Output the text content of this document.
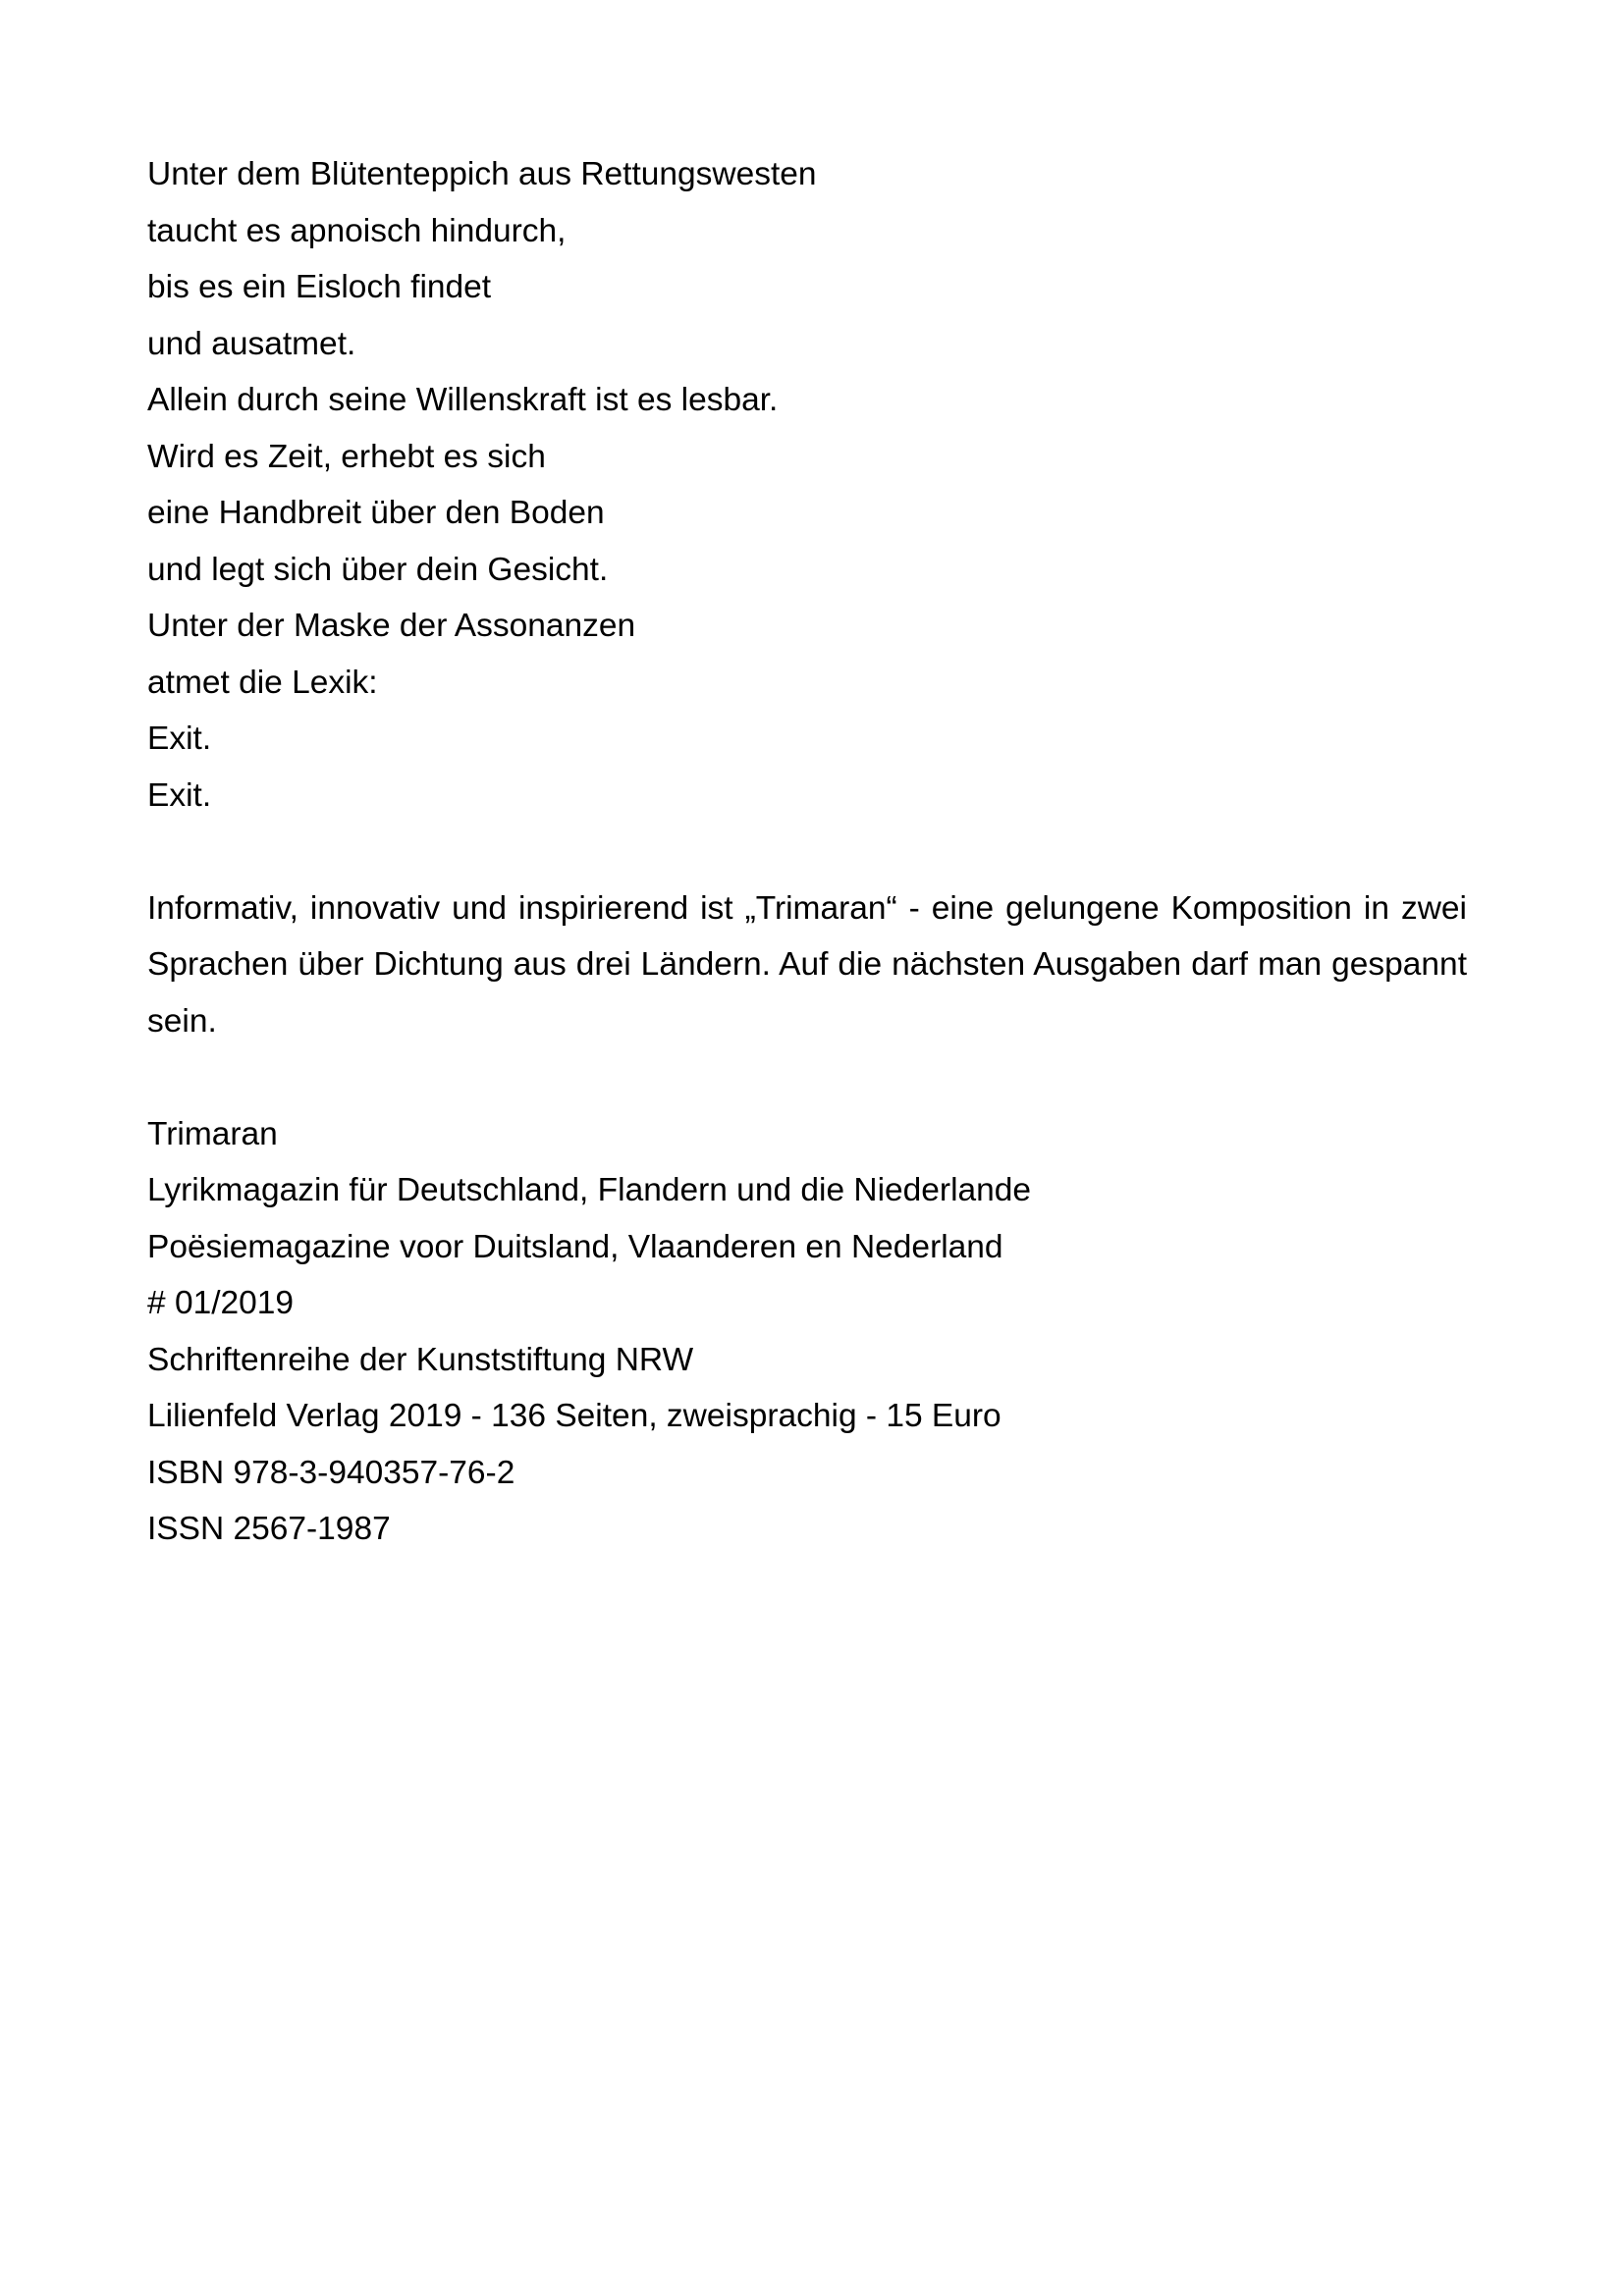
Unter dem Blütenteppich aus Rettungswesten
taucht es apnoisch hindurch,
bis es ein Eisloch findet
und ausatmet.
Allein durch seine Willenskraft ist es lesbar.
Wird es Zeit, erhebt es sich
eine Handbreit über den Boden
und legt sich über dein Gesicht.
Unter der Maske der Assonanzen
atmet die Lexik:
Exit.
Exit.

Informativ, innovativ und inspirierend ist „Trimaran“ - eine gelungene Komposition in zwei Sprachen über Dichtung aus drei Ländern. Auf die nächsten Ausgaben darf man gespannt sein.

Trimaran
Lyrikmagazin für Deutschland, Flandern und die Niederlande
Poësiemagazine voor Duitsland, Vlaanderen en Nederland
# 01/2019
Schriftenreihe der Kunststiftung NRW
Lilienfeld Verlag 2019 - 136 Seiten, zweisprachig - 15 Euro
ISBN 978-3-940357-76-2
ISSN 2567-1987
